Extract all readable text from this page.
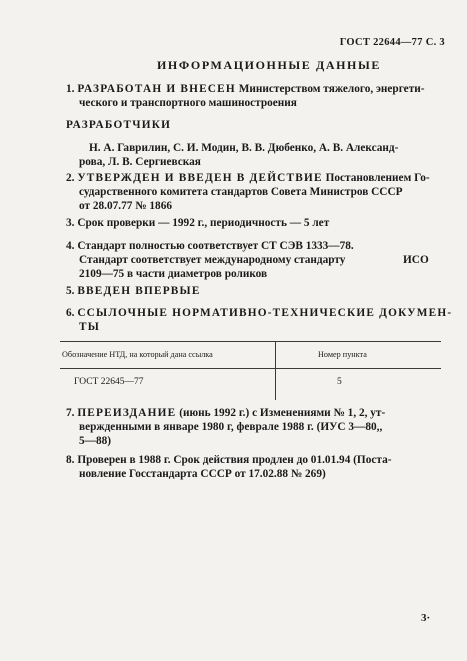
ГОСТ 22644—77 С. 3
ИНФОРМАЦИОННЫЕ ДАННЫЕ
1. РАЗРАБОТАН И ВНЕСЕН Министерством тяжелого, энергети-
ческого и транспортного машиностроения
РАЗРАБОТЧИКИ
Н. А. Гаврилин, С. И. Модин, В. В. Дюбенко, А. В. Александ-
рова, Л. В. Сергиевская
2. УТВЕРЖДЕН И ВВЕДЕН В ДЕЙСТВИЕ Постановлением Го-
сударственного комитета стандартов Совета Министров СССР
от 28.07.77 № 1866
3. Срок проверки — 1992 г., периодичность — 5 лет
4. Стандарт полностью соответствует СТ СЭВ 1333—78.
Стандарт соответствует международному стандарту	ИСО
2109—75 в части диаметров роликов
5. ВВЕДЕН ВПЕРВЫЕ
6. ССЫЛОЧНЫЕ НОРМАТИВНО-ТЕХНИЧЕСКИЕ ДОКУМЕН-
ТЫ
Обозначение НТД, на который дана ссылка	Номер пункта
ГОСТ 22645—77	5
7. ПЕРЕИЗДАНИЕ (июнь 1992 г.) с Изменениями № 1, 2, ут-
вержденными в январе 1980 г, феврале 1988 г. (ИУС 3—80,,
5—88)
8. Проверен в 1988 г. Срок действия продлен до 01.01.94 (Поста-
новление Госстандарта СССР от 17.02.88 № 269)
3·
